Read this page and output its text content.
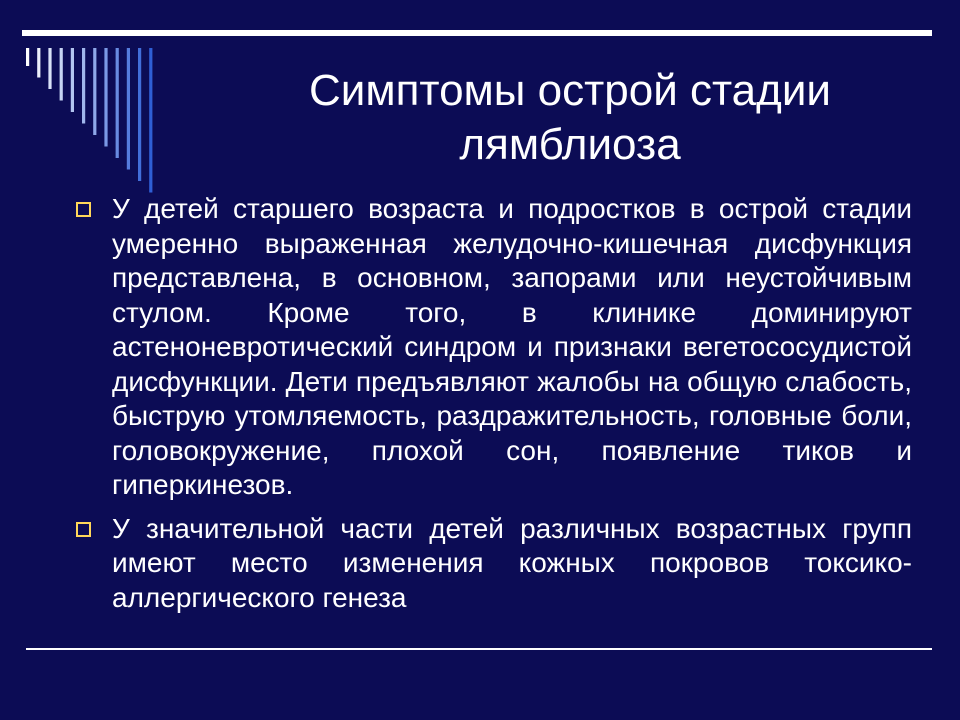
Симптомы острой стадии
лямблиоза
У детей старшего возраста и подростков в острой стадии умеренно выраженная желудочно-кишечная дисфункция представлена, в основном, запорами или неустойчивым стулом. Кроме того, в клинике доминируют астеноневротический синдром и признаки вегетососудистой дисфункции. Дети предъявляют жалобы на общую слабость, быструю утомляемость, раздражительность, головные боли, головокружение, плохой сон, появление тиков и гиперкинезов.
У значительной части детей различных возрастных групп имеют место изменения кожных покровов токсико-аллергического генеза
